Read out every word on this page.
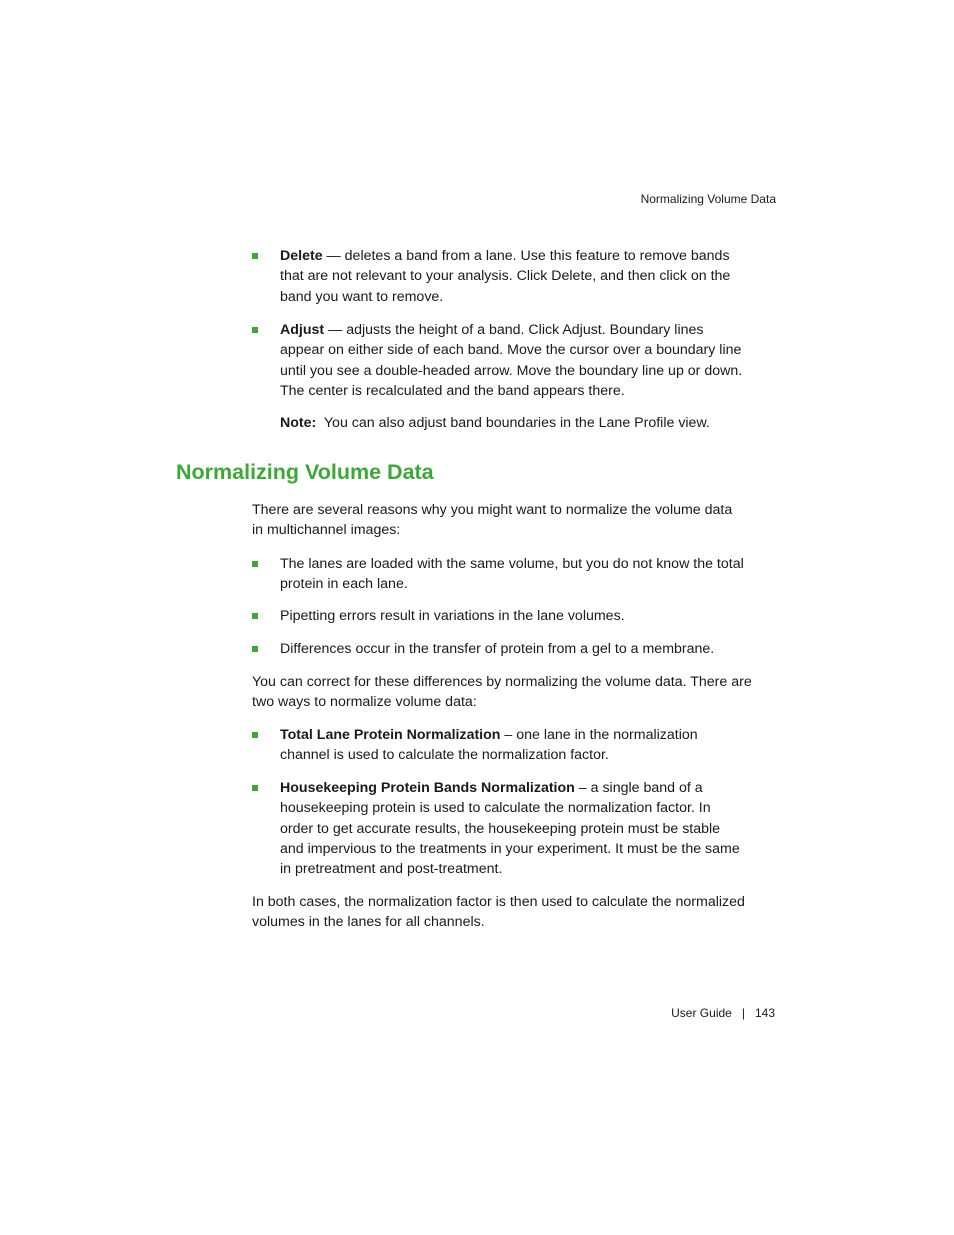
Normalizing Volume Data
Delete — deletes a band from a lane. Use this feature to remove bands that are not relevant to your analysis. Click Delete, and then click on the band you want to remove.
Adjust — adjusts the height of a band. Click Adjust. Boundary lines appear on either side of each band. Move the cursor over a boundary line until you see a double-headed arrow. Move the boundary line up or down. The center is recalculated and the band appears there.
Note:  You can also adjust band boundaries in the Lane Profile view.
Normalizing Volume Data
There are several reasons why you might want to normalize the volume data in multichannel images:
The lanes are loaded with the same volume, but you do not know the total protein in each lane.
Pipetting errors result in variations in the lane volumes.
Differences occur in the transfer of protein from a gel to a membrane.
You can correct for these differences by normalizing the volume data. There are two ways to normalize volume data:
Total Lane Protein Normalization – one lane in the normalization channel is used to calculate the normalization factor.
Housekeeping Protein Bands Normalization – a single band of a housekeeping protein is used to calculate the normalization factor. In order to get accurate results, the housekeeping protein must be stable and impervious to the treatments in your experiment. It must be the same in pretreatment and post-treatment.
In both cases, the normalization factor is then used to calculate the normalized volumes in the lanes for all channels.
User Guide | 143
